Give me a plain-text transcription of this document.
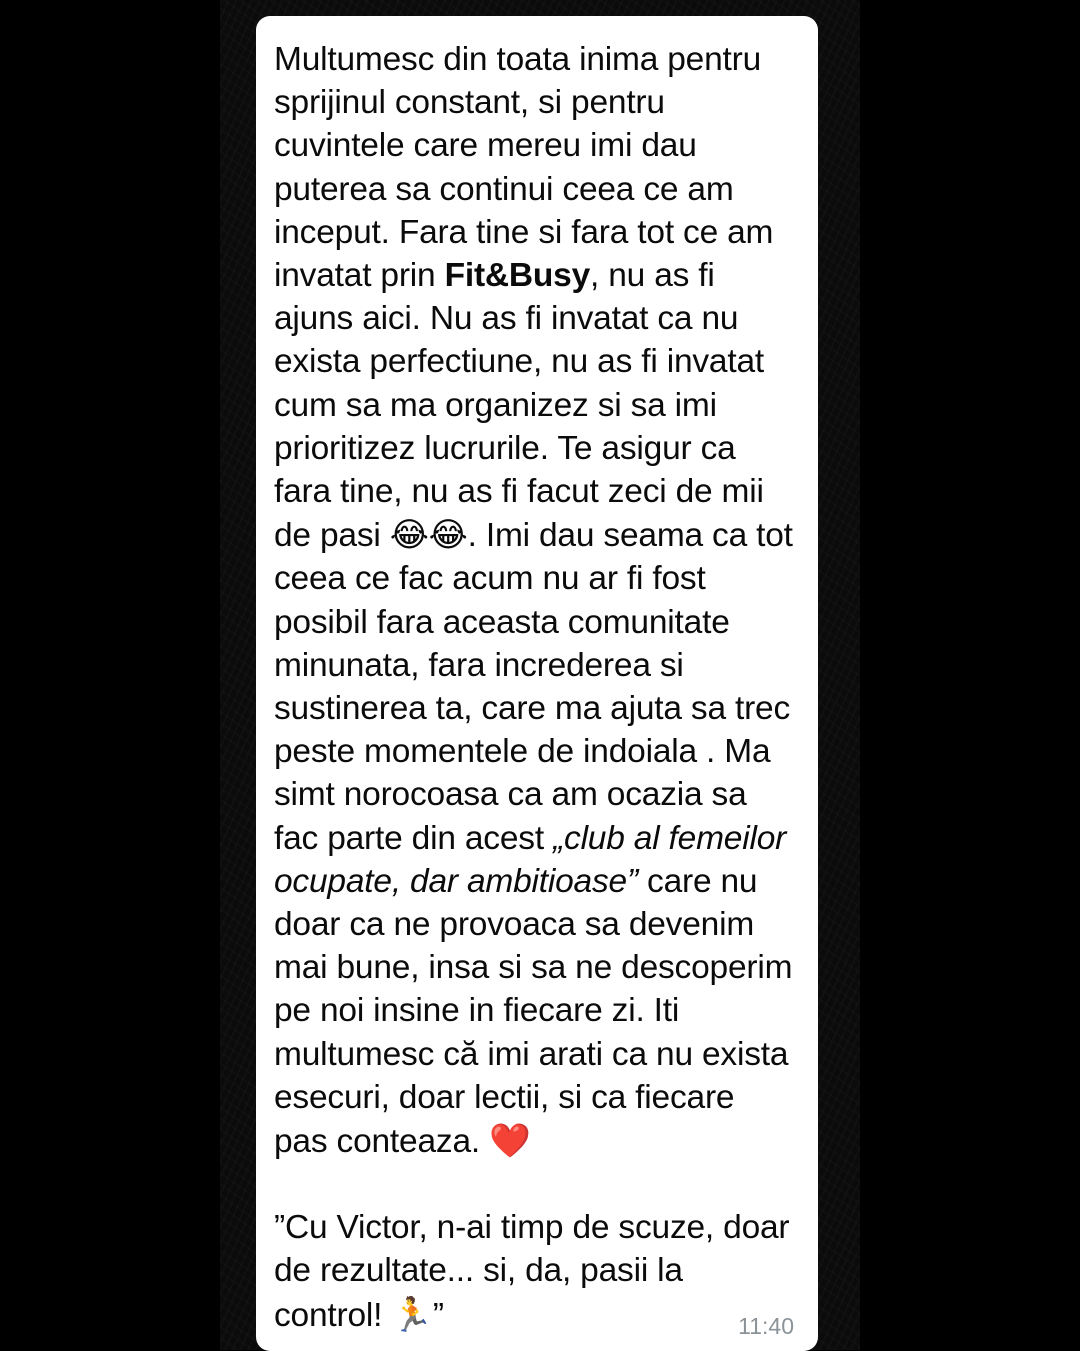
Multumesc din toata inima pentru sprijinul constant, si pentru cuvintele care mereu imi dau puterea sa continui ceea ce am inceput. Fara tine si fara tot ce am invatat prin Fit&Busy, nu as fi ajuns aici. Nu as fi invatat ca nu exista perfectiune, nu as fi invatat cum sa ma organizez si sa imi prioritizez lucrurile. Te asigur ca fara tine, nu as fi facut zeci de mii de pasi 😂😂. Imi dau seama ca tot ceea ce fac acum nu ar fi fost posibil fara aceasta comunitate minunata, fara increderea si sustinerea ta, care ma ajuta sa trec peste momentele de indoiala . Ma simt norocoasa ca am ocazia sa fac parte din acest „club al femeilor ocupate, dar ambitioase” care nu doar ca ne provoaca sa devenim mai bune, insa si sa ne descoperim pe noi insine in fiecare zi. Iti multumesc că imi arati ca nu exista esecuri, doar lectii, si ca fiecare pas conteaza. ❤️
”Cu Victor, n-ai timp de scuze, doar de rezultate... si, da, pasii la control! 🏃”	11:40
